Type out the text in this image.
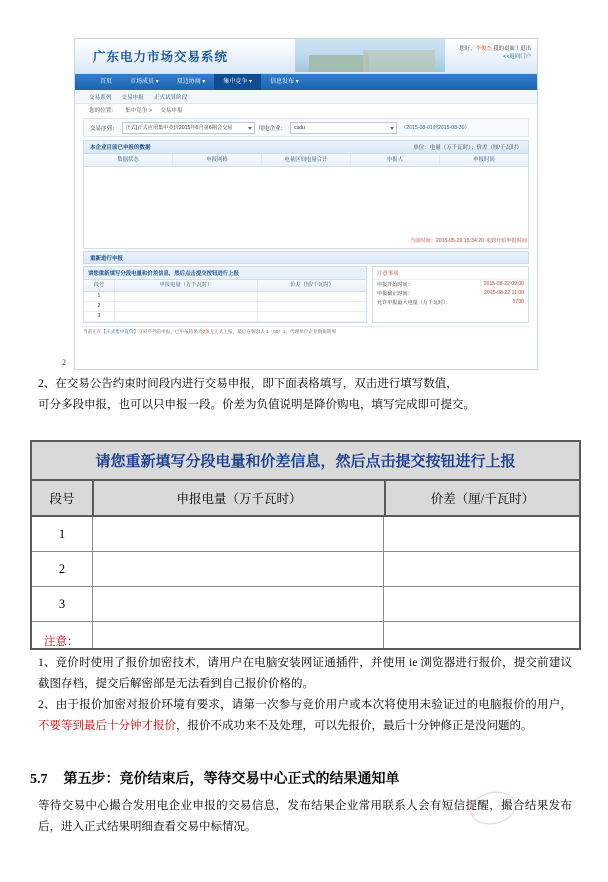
广东电力市场交易系统
您好，李俊杰 我的桌面丨退出
<<返回门户
首页	市场成员 ▾	双边协商 ▾	集中竞争 ▾	信息发布 ▾
交易系列 交易申报 正式试算阶段
您的位置： 集中竞争 > 交易申报
交易序列：	正式[正式应用集中竞价2015年6月第6期会交易	用电企业：	csdu	（2015-08-01到2015-08-30）
本企业目前已申报的数据	单位：电量（万千瓦时）；价差（厘/千瓦时）
数据状态	申报网格	电量区间电量合计	申报人	申报时间
重新进行申报
请您重新填写分段电量和价差信息，然后点击提交按钮进行上报
段号	申报电量（万千瓦时）	价差（厘/千瓦时）
1
2
3
注意事项
申报开始时间：	2015-08-22 09:00
申报截止时间：	2015-08-22 11:00
允许申报最大电量（万千瓦时）：	5700
当前时间：2015-05-29 15:34:20 未到开始申报时间
当前正在【正式集中竞价】交易序列的申报，已申报结果为0条无正式上报，最后在剩余去 1（00）1，代理单位企业数据明细
2

2、在交易公告约束时间段内进行交易申报，即下面表格填写，双击进行填写数值，

可分多段申报，也可以只申报一段。价差为负值说明是降价购电，填写完成即可提交。

请您重新填写分段电量和价差信息，然后点击提交按钮进行上报
段号	申报电量（万千瓦时）	价差（厘/千瓦时）
1
2
3
注意：
1、竞价时使用了报价加密技术，请用户在电脑安装网证通插件，并使用 ie 浏览器进行报价，提交前建议截图存档，提交后解密部是无法看到自己报价价格的。
2、由于报价加密对报价环境有要求，请第一次参与竞价用户或本次将使用未验证过的电脑报价的用户，不要等到最后十分钟才报价，报价不成功来不及处理，可以先报价，最后十分钟修正是没问题的。
5.7 第五步：竞价结束后，等待交易中心正式的结果通知单

等待交易中心撮合发用电企业申报的交易信息，发布结果企业常用联系人会有短信提醒，撮合结果发布后，进入正式结果明细查看交易中标情况。
